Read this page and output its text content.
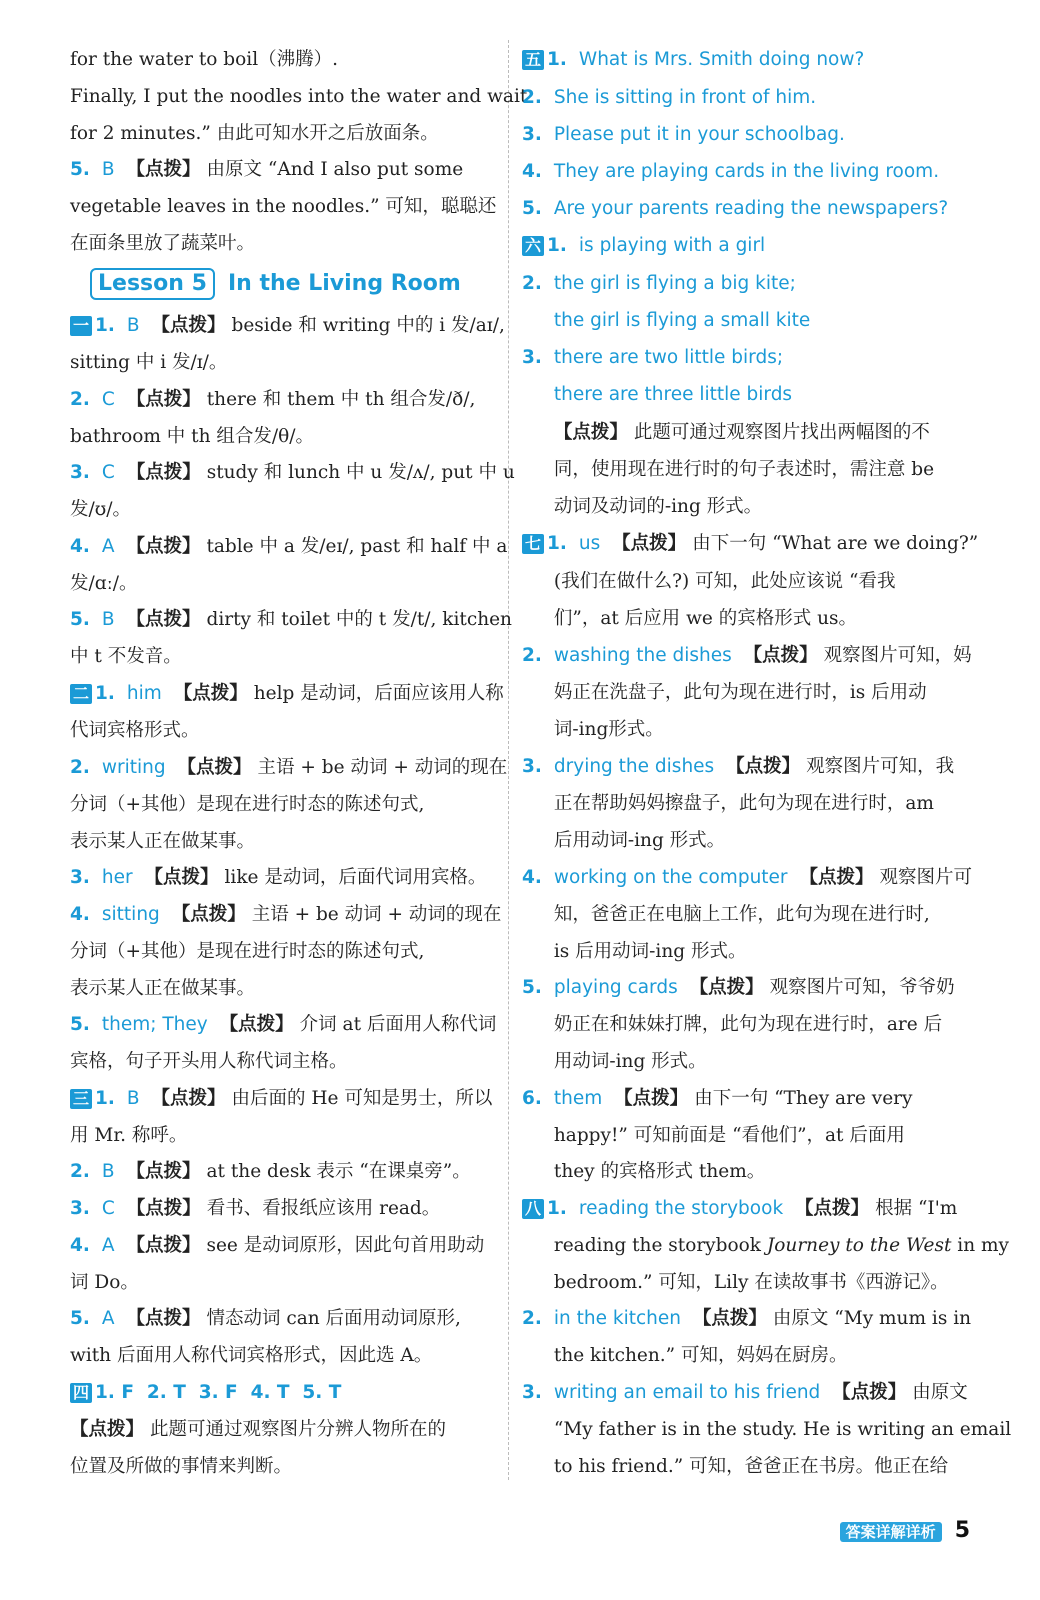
Lesson 5 In the Living Room
for the water to boil（沸腾）.
Finally, I put the noodles into the water and wait
for 2 minutes.” 由此可知水开之后放面条。
5. B 【点拨】 由原文 “And I also put some
vegetable leaves in the noodles.” 可知，聪聪还
在面条里放了蔬菜叶。
一 1. B 【点拨】 beside 和 writing 中的 i 发/aɪ/,
sitting 中 i 发/ɪ/。
2. C 【点拨】 there 和 them 中 th 组合发/ð/,
bathroom 中 th 组合发/θ/。
3. C 【点拨】 study 和 lunch 中 u 发/ʌ/, put 中 u
发/ʊ/。
4. A 【点拨】 table 中 a 发/eɪ/, past 和 half 中 a
发/ɑː/。
5. B 【点拨】 dirty 和 toilet 中的 t 发/t/, kitchen
中 t 不发音。
二 1. him 【点拨】 help 是动词，后面应该用人称
代词宾格形式。
2. writing 【点拨】 主语 + be 动词 + 动词的现在
分词（+其他）是现在进行时态的陈述句式,
表示某人正在做某事。
3. her 【点拨】 like 是动词，后面代词用宾格。
4. sitting 【点拨】 主语 + be 动词 + 动词的现在
分词（+其他）是现在进行时态的陈述句式,
表示某人正在做某事。
5. them; They 【点拨】 介词 at 后面用人称代词
宾格，句子开头用人称代词主格。
三 1. B 【点拨】 由后面的 He 可知是男士，所以
用 Mr. 称呼。
2. B 【点拨】 at the desk 表示 “在课桌旁”。
3. C 【点拨】 看书、看报纸应该用 read。
4. A 【点拨】 see 是动词原形，因此句首用助动
词 Do。
5. A 【点拨】 情态动词 can 后面用动词原形,
with 后面用人称代词宾格形式，因此选 A。
四 1. F  2. T  3. F  4. T  5. T
【点拨】 此题可通过观察图片分辨人物所在的
位置及所做的事情来判断。
五 1. What is Mrs. Smith doing now?
2. She is sitting in front of him.
3. Please put it in your schoolbag.
4. They are playing cards in the living room.
5. Are your parents reading the newspapers?
六 1. is playing with a girl
2. the girl is flying a big kite;
the girl is flying a small kite
3. there are two little birds;
there are three little birds
【点拨】 此题可通过观察图片找出两幅图的不
同，使用现在进行时的句子表述时，需注意 be
动词及动词的-ing 形式。
七 1. us 【点拨】 由下一句 “What are we doing?”
(我们在做什么?) 可知，此处应该说 “看我
们”，at 后应用 we 的宾格形式 us。
2. washing the dishes 【点拨】 观察图片可知，妈
妈正在洗盘子，此句为现在进行时，is 后用动
词-ing形式。
3. drying the dishes 【点拨】 观察图片可知，我
正在帮助妈妈擦盘子，此句为现在进行时，am
后用动词-ing 形式。
4. working on the computer 【点拨】 观察图片可
知，爸爸正在电脑上工作，此句为现在进行时,
is 后用动词-ing 形式。
5. playing cards 【点拨】 观察图片可知，爷爷奶
奶正在和妹妹打牌，此句为现在进行时，are 后
用动词-ing 形式。
6. them 【点拨】 由下一句 “They are very
happy!” 可知前面是 “看他们”，at 后面用
they 的宾格形式 them。
八 1. reading the storybook 【点拨】 根据 “I'm
reading the storybook Journey to the West in my
bedroom.” 可知，Lily 在读故事书《西游记》。
2. in the kitchen 【点拨】 由原文 “My mum is in
the kitchen.” 可知，妈妈在厨房。
3. writing an email to his friend 【点拨】 由原文
“My father is in the study. He is writing an email
to his friend.” 可知，爸爸正在书房。他正在给
答案详解详析 5
